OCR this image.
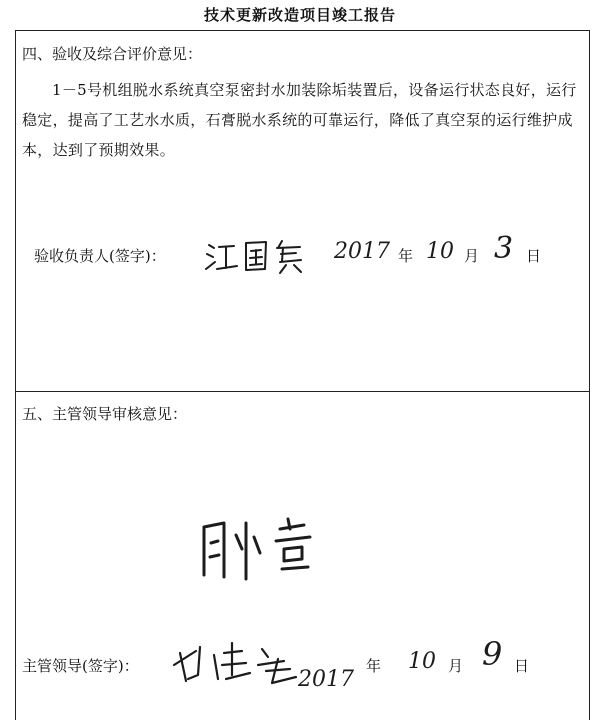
技术更新改造项目竣工报告
四、验收及综合评价意见：
1－5号机组脱水系统真空泵密封水加装除垢装置后，设备运行状态良好，运行稳定，提高了工艺水水质，石膏脱水系统的可靠运行，降低了真空泵的运行维护成本，达到了预期效果。
验收负责人(签字)：	2017 年 10 月 3 日
五、主管领导审核意见：
主管领导(签字)：
2017
年 10 月 9 日
